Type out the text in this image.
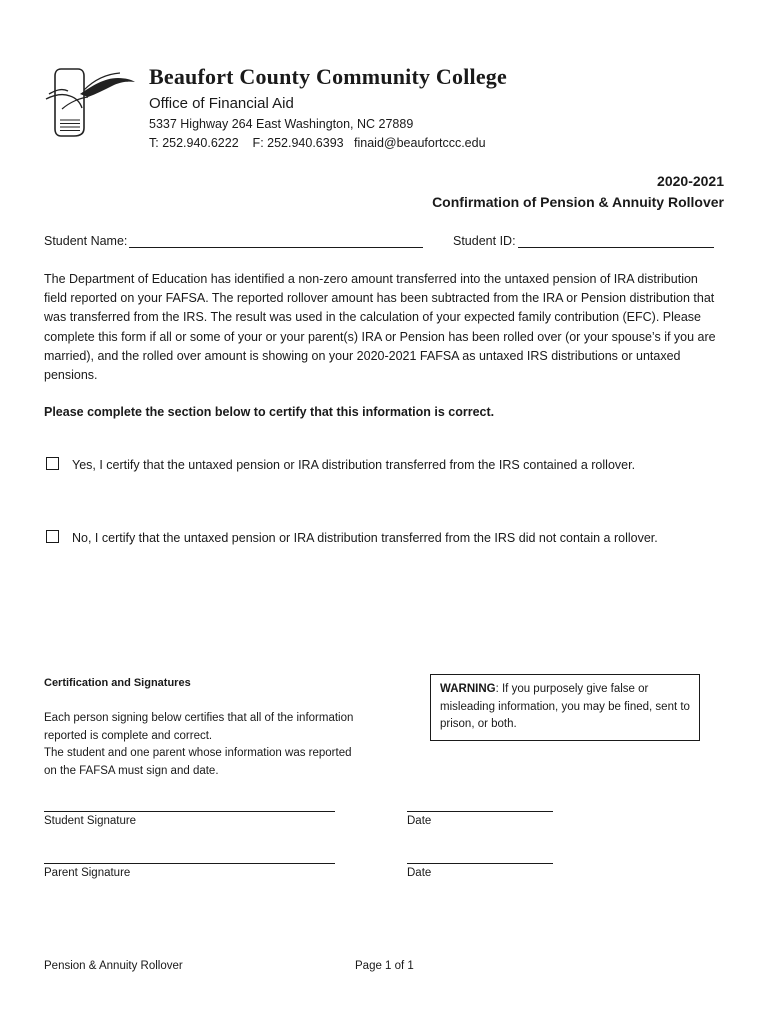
Beaufort County Community College
Office of Financial Aid
5337 Highway 264 East Washington, NC 27889
T: 252.940.6222    F: 252.940.6393   finaid@beaufortccc.edu
2020-2021
Confirmation of Pension & Annuity Rollover
Student Name:	Student ID:
The Department of Education has identified a non-zero amount transferred into the untaxed pension of IRA distribution field reported on your FAFSA. The reported rollover amount has been subtracted from the IRA or Pension distribution that was transferred from the IRS. The result was used in the calculation of your expected family contribution (EFC). Please complete this form if all or some of your or your parent(s) IRA or Pension has been rolled over (or your spouse’s if you are married), and the rolled over amount is showing on your 2020-2021 FAFSA as untaxed IRS distributions or untaxed pensions.
Please complete the section below to certify that this information is correct.
Yes, I certify that the untaxed pension or IRA distribution transferred from the IRS contained a rollover.
No, I certify that the untaxed pension or IRA distribution transferred from the IRS did not contain a rollover.
Certification and Signatures
Each person signing below certifies that all of the information reported is complete and correct.
The student and one parent whose information was reported on the FAFSA must sign and date.
WARNING: If you purposely give false or misleading information, you may be fined, sent to prison, or both.
Student Signature	Date
Parent Signature	Date
Pension & Annuity Rollover	Page 1 of 1
